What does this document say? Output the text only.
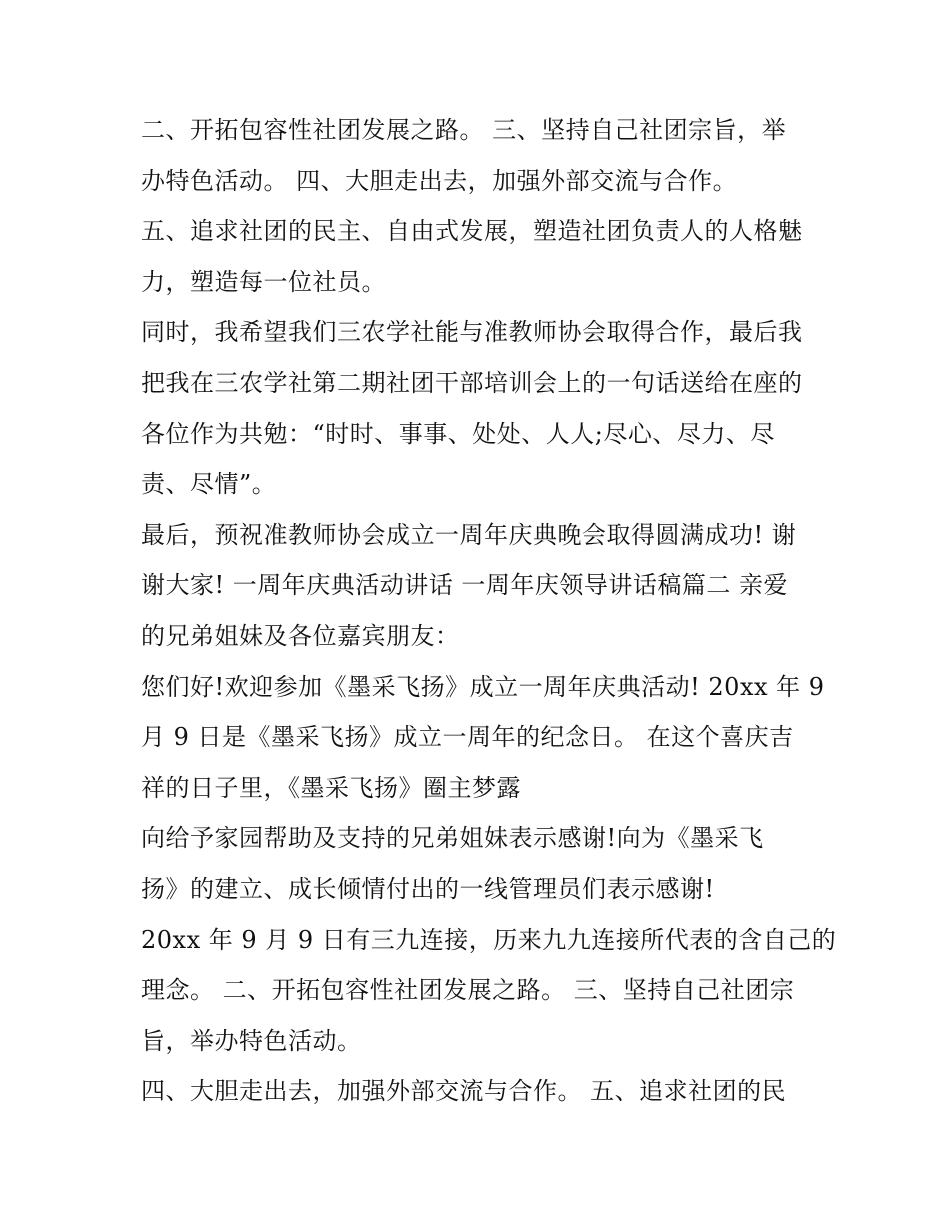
二、开拓包容性社团发展之路。 三、坚持自己社团宗旨，举
办特色活动。 四、大胆走出去，加强外部交流与合作。
五、追求社团的民主、自由式发展，塑造社团负责人的人格魅
力，塑造每一位社员。
同时，我希望我们三农学社能与准教师协会取得合作，最后我
把我在三农学社第二期社团干部培训会上的一句话送给在座的
各位作为共勉：“时时、事事、处处、人人;尽心、尽力、尽
责、尽情”。
最后，预祝准教师协会成立一周年庆典晚会取得圆满成功! 谢
谢大家! 一周年庆典活动讲话 一周年庆领导讲话稿篇二 亲爱
的兄弟姐妹及各位嘉宾朋友：
您们好!欢迎参加《墨采飞扬》成立一周年庆典活动! 20xx 年 9
月 9 日是《墨采飞扬》成立一周年的纪念日。 在这个喜庆吉
祥的日子里，《墨采飞扬》圈主梦露
向给予家园帮助及支持的兄弟姐妹表示感谢!向为《墨采飞
扬》的建立、成长倾情付出的一线管理员们表示感谢!
20xx 年 9 月 9 日有三九连接，历来九九连接所代表的含自己的
理念。 二、开拓包容性社团发展之路。 三、坚持自己社团宗
旨，举办特色活动。
四、大胆走出去，加强外部交流与合作。 五、追求社团的民
